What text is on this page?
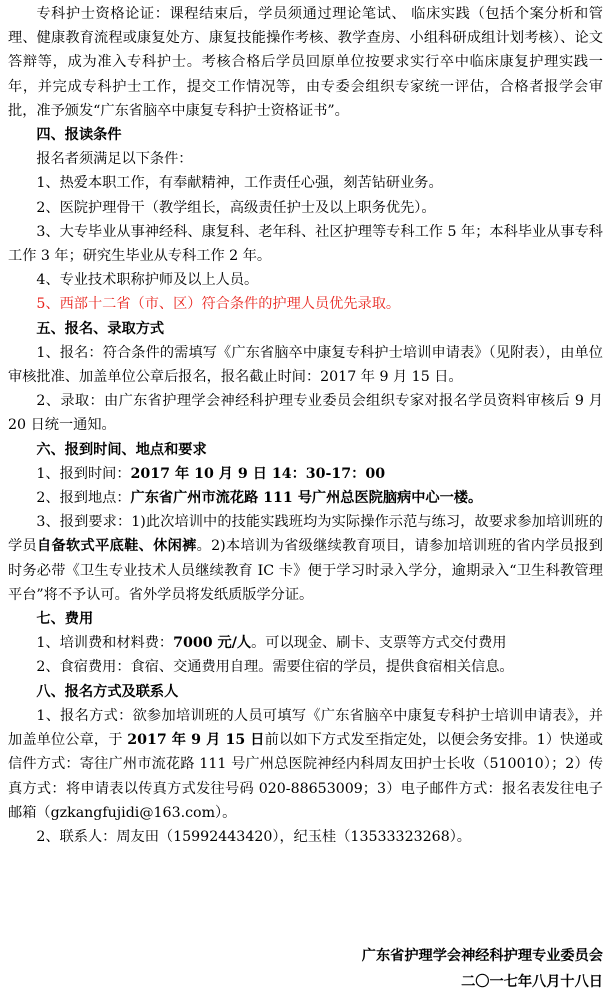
专科护士资格论证：课程结束后，学员须通过理论笔试、 临床实践（包括个案分析和管理、健康教育流程或康复处方、康复技能操作考核、教学查房、小组科研成组计划考核）、论文答辩等，成为准入专科护士。考核合格后学员回原单位按要求实行卒中临床康复护理实践一年，并完成专科护士工作，提交工作情况等，由专委会组织专家统一评估，合格者报学会审批，准予颁发“广东省脑卒中康复专科护士资格证书”。

四、报读条件

报名者须满足以下条件：

1、热爱本职工作，有奉献精神，工作责任心强，刻苦钻研业务。

2、医院护理骨干（教学组长，高级责任护士及以上职务优先）。

3、大专毕业从事神经科、康复科、老年科、社区护理等专科工作 5 年；本科毕业从事专科工作 3 年；研究生毕业从专科工作 2 年。

4、专业技术职称护师及以上人员。

5、西部十二省（市、区）符合条件的护理人员优先录取。

五、报名、录取方式

1、报名：符合条件的需填写《广东省脑卒中康复专科护士培训申请表》（见附表），由单位审核批准、加盖单位公章后报名，报名截止时间：2017 年 9 月 15 日。

2、录取：由广东省护理学会神经科护理专业委员会组织专家对报名学员资料审核后 9 月 20 日统一通知。

六、报到时间、地点和要求

1、报到时间：2017 年 10 月 9 日 14：30-17：00

2、报到地点：广东省广州市流花路 111 号广州总医院脑病中心一楼。

3、报到要求：1)此次培训中的技能实践班均为实际操作示范与练习，故要求参加培训班的学员自备软式平底鞋、休闲裤。2)本培训为省级继续教育项目，请参加培训班的省内学员报到时务必带《卫生专业技术人员继续教育 IC 卡》便于学习时录入学分，逾期录入“卫生科教管理平台”将不予认可。省外学员将发纸质版学分证。

七、费用

1、培训费和材料费：7000 元/人。可以现金、刷卡、支票等方式交付费用

2、食宿费用：食宿、交通费用自理。需要住宿的学员，提供食宿相关信息。

八、报名方式及联系人

1、报名方式：欲参加培训班的人员可填写《广东省脑卒中康复专科护士培训申请表》，并加盖单位公章，于 2017 年 9 月 15 日前以如下方式发至指定处，以便会务安排。1）快递或信件方式：寄往广州市流花路 111 号广州总医院神经内科周友田护士长收（510010）；2）传真方式：将申请表以传真方式发往号码 020-88653009；3）电子邮件方式：报名表发往电子邮箱（gzkangfujidi@163.com）。

2、联系人：周友田（15992443420），纪玉桂（13533323268）。

广东省护理学会神经科护理专业委员会

二〇一七年八月十八日
